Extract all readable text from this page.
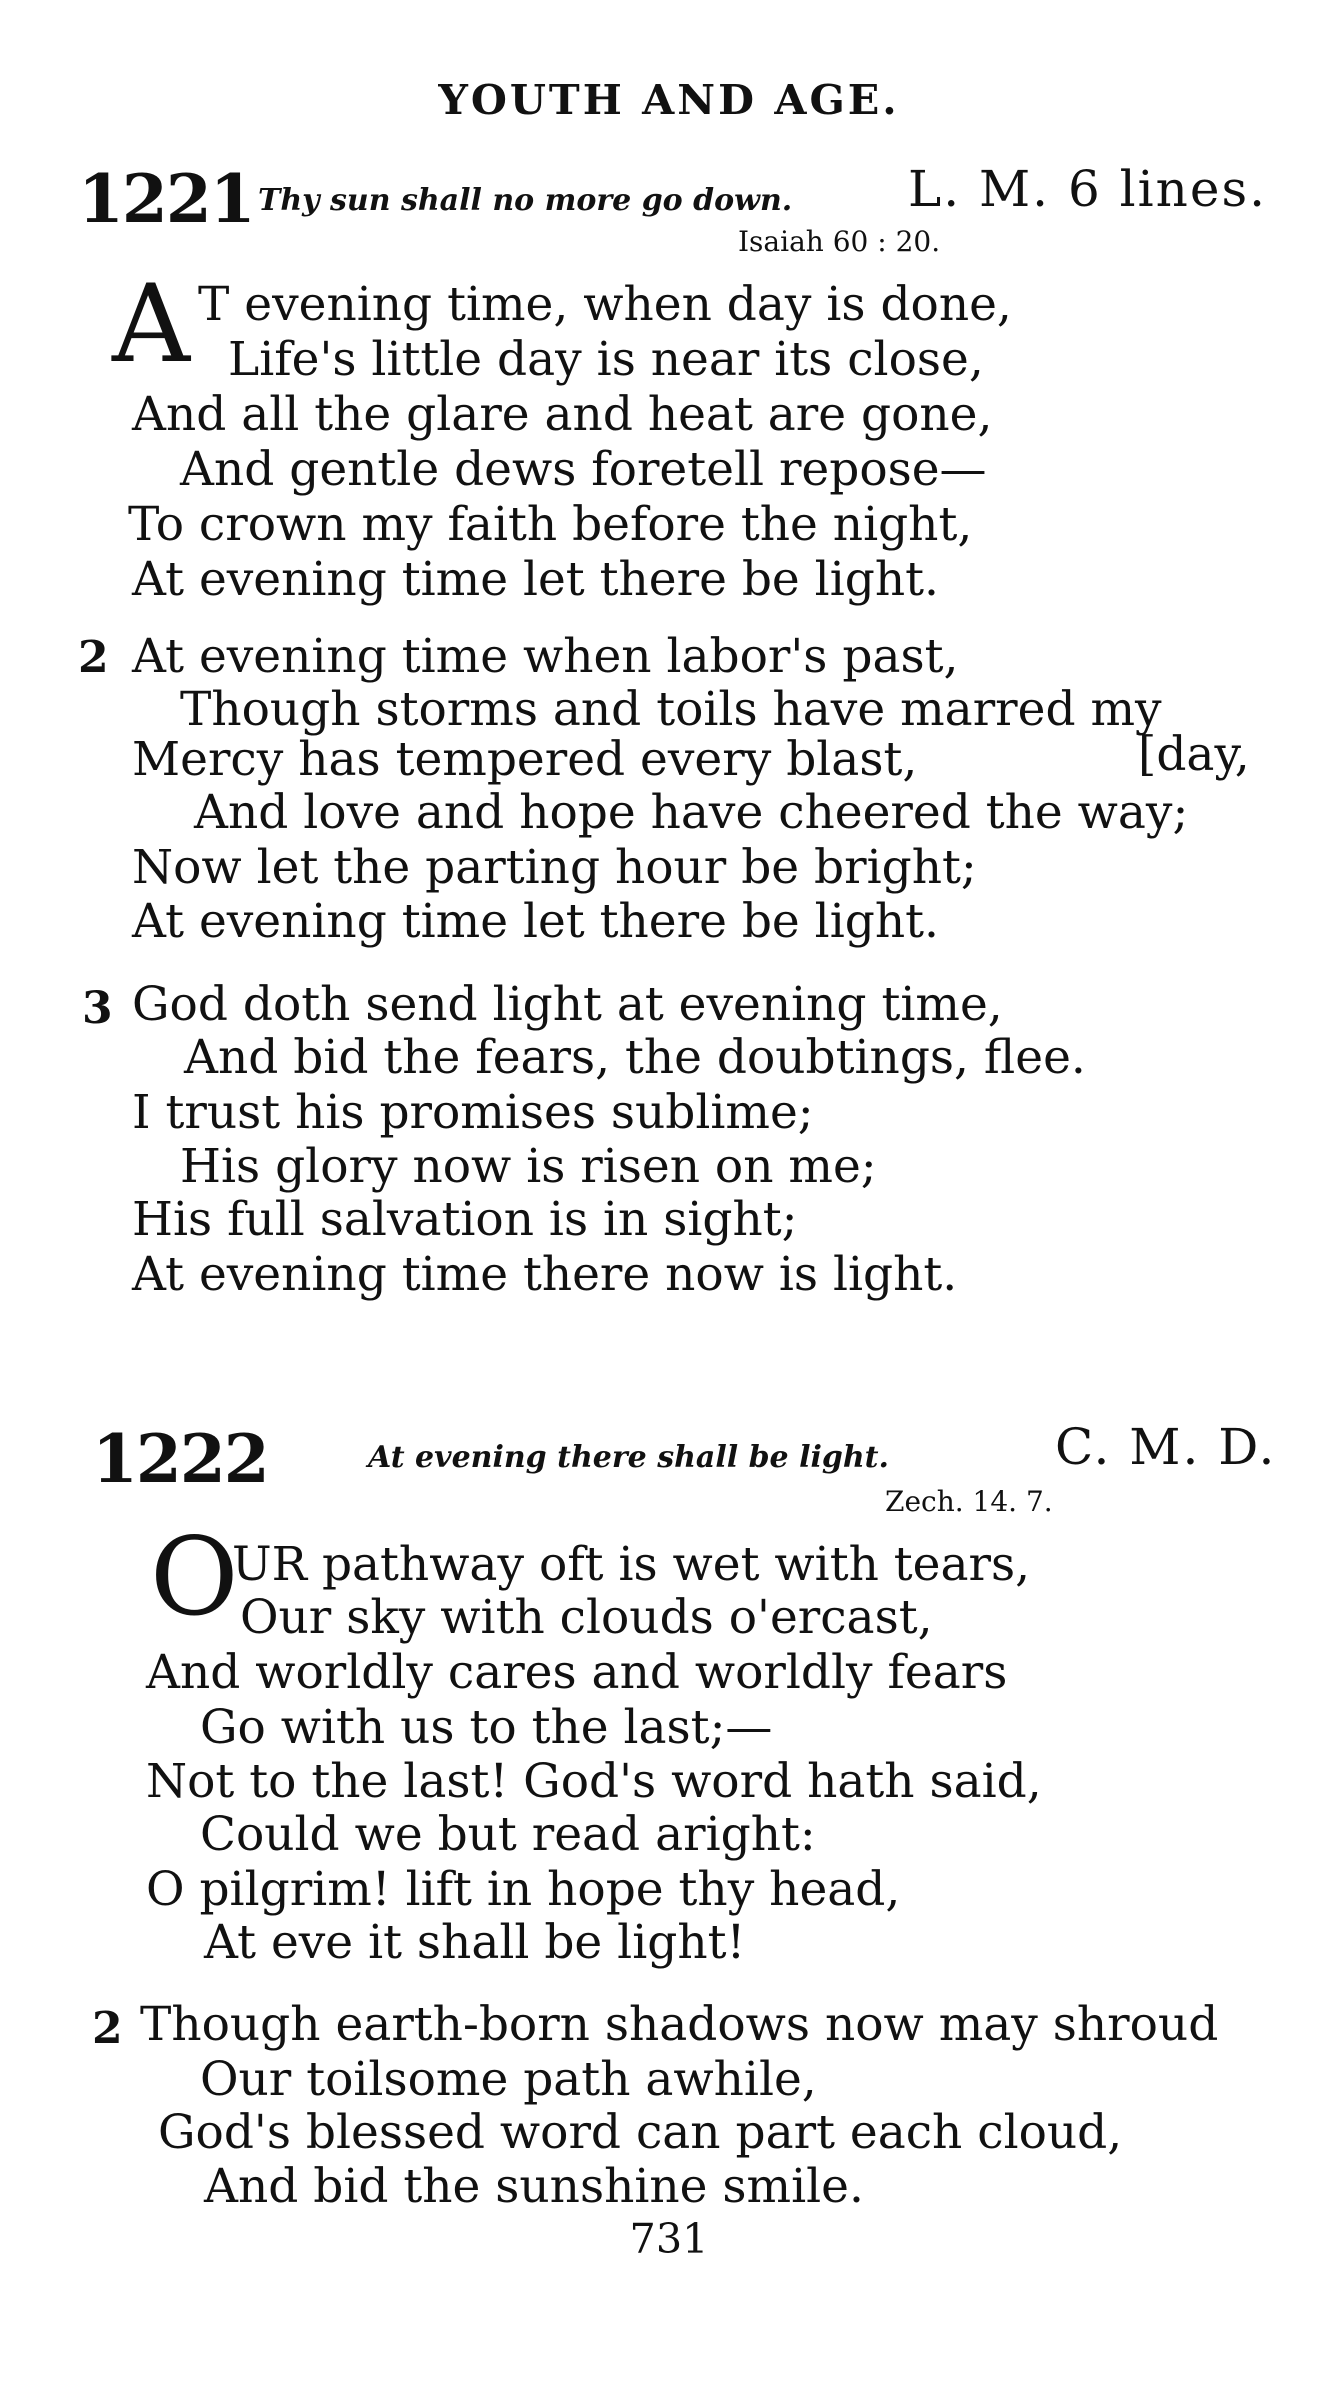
YOUTH AND AGE.
1221 Thy sun shall no more go down. L. M. 6 lines.
Isaiah 60 : 20.
A T evening time, when day is done,
Life's little day is near its close,
And all the glare and heat are gone,
And gentle dews foretell repose—
To crown my faith before the night,
At evening time let there be light.
2 At evening time when labor's past,
Though storms and toils have marred my
Mercy has tempered every blast,	[day,
And love and hope have cheered the way;
Now let the parting hour be bright;
At evening time let there be light.
3 God doth send light at evening time,
And bid the fears, the doubtings, flee.
I trust his promises sublime;
His glory now is risen on me;
His full salvation is in sight;
At evening time there now is light.
1222	At evening there shall be light.	C. M. D.
Zech. 14. 7.
O
UR pathway oft is wet with tears,
Our sky with clouds o'ercast,
And worldly cares and worldly fears
Go with us to the last;—
Not to the last! God's word hath said,
Could we but read aright:
O pilgrim! lift in hope thy head,
At eve it shall be light!
2 Though earth-born shadows now may shroud
Our toilsome path awhile,
God's blessed word can part each cloud,
And bid the sunshine smile.
731
